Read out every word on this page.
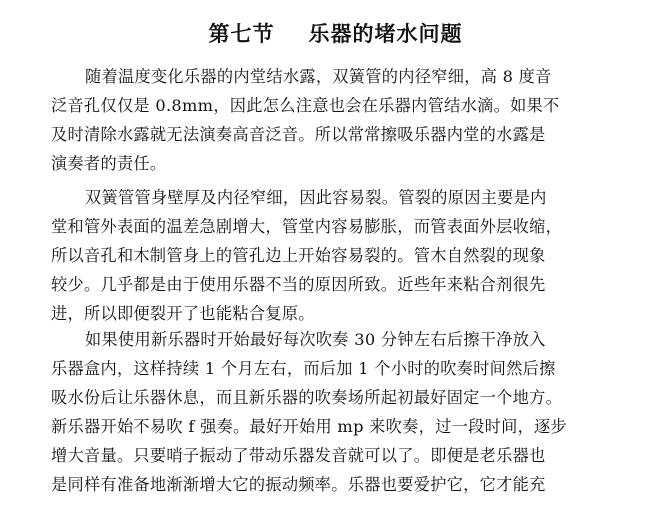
第七节 乐器的堵水问题
随着温度变化乐器的内堂结水露，双簧管的内径窄细，高 8 度音
泛音孔仅仅是 0.8mm，因此怎么注意也会在乐器内管结水滴。如果不
及时清除水露就无法演奏高音泛音。所以常常擦吸乐器内堂的水露是
演奏者的责任。
双簧管管身壁厚及内径窄细，因此容易裂。管裂的原因主要是内
堂和管外表面的温差急剧增大，管堂内容易膨胀，而管表面外层收缩，
所以音孔和木制管身上的管孔边上开始容易裂的。管木自然裂的现象
较少。几乎都是由于使用乐器不当的原因所致。近些年来粘合剂很先
进，所以即便裂开了也能粘合复原。
如果使用新乐器时开始最好每次吹奏 30 分钟左右后擦干净放入
乐器盒内，这样持续 1 个月左右，而后加 1 个小时的吹奏时间然后擦
吸水份后让乐器休息，而且新乐器的吹奏场所起初最好固定一个地方。
新乐器开始不易吹 f 强奏。最好开始用 mp 来吹奏，过一段时间，逐步
增大音量。只要哨子振动了带动乐器发音就可以了。即便是老乐器也
是同样有准备地渐渐增大它的振动频率。乐器也要爱护它，它才能充
